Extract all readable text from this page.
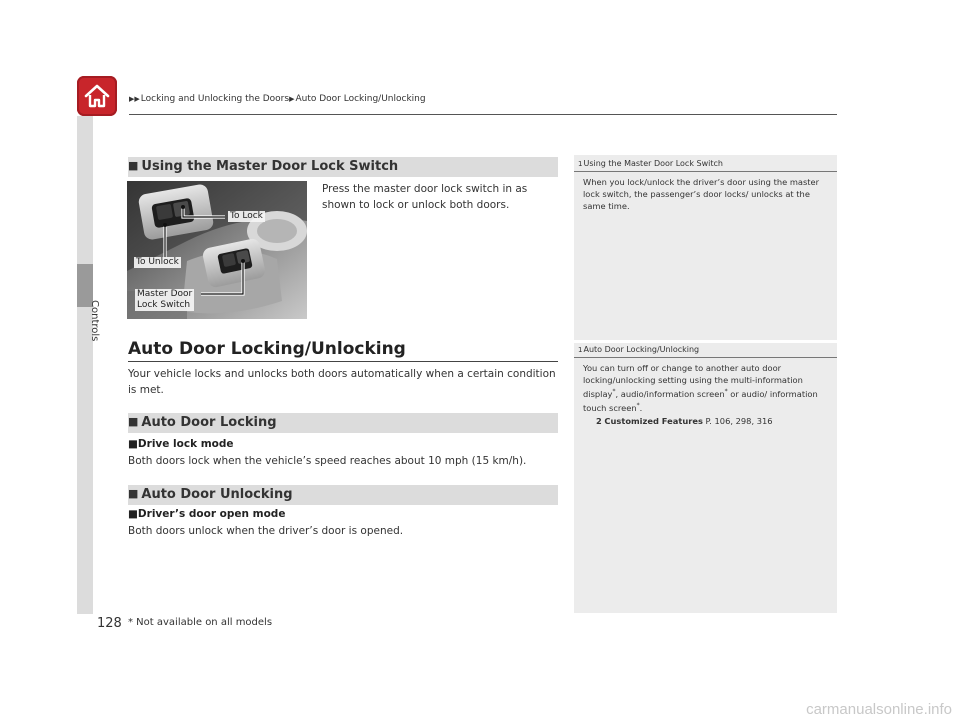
▶▶Locking and Unlocking the Doors▶Auto Door Locking/Unlocking
Controls
128
■ Using the Master Door Lock Switch
To Lock
To Unlock
Master Door
Lock Switch
Press the master door lock switch in as shown to lock or unlock both doors.
Auto Door Locking/Unlocking
Your vehicle locks and unlocks both doors automatically when a certain condition is met.
■ Auto Door Locking
■Drive lock mode
Both doors lock when the vehicle’s speed reaches about 10 mph (15 km/h).
■ Auto Door Unlocking
■Driver’s door open mode
Both doors unlock when the driver’s door is opened.
1Using the Master Door Lock Switch
When you lock/unlock the driver’s door using the master lock switch, the passenger’s door locks/ unlocks at the same time.
1Auto Door Locking/Unlocking
You can turn off or change to another auto door locking/unlocking setting using the multi-information display*, audio/information screen* or audio/ information touch screen*.
2 Customized Features P. 106, 298, 316
* Not available on all models
carmanualsonline.info
